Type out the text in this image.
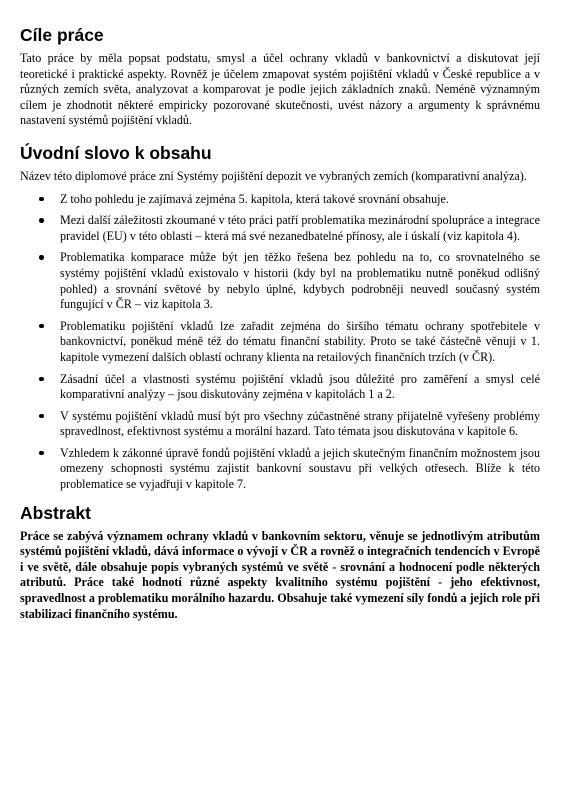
Cíle práce

Tato práce by měla popsat podstatu, smysl a účel ochrany vkladů v bankovnictví a diskutovat její teoretické i praktické aspekty. Rovněž je účelem zmapovat systém pojištění vkladů v České republice a v různých zemích světa, analyzovat a komparovat je podle jejich základních znaků. Neméně významným cílem je zhodnotit některé empiricky pozorované skutečnosti, uvést názory a argumenty k správnému nastavení systémů pojištění vkladů.

Úvodní slovo k obsahu

Název této diplomové práce zní Systémy pojištění depozit ve vybraných zemích (komparativní analýza).

Z toho pohledu je zajímavá zejména 5. kapitola, která takové srovnání obsahuje.

Mezi další záležitosti zkoumané v této práci patří problematika mezinárodní spolupráce a integrace pravidel (EU) v této oblasti – která má své nezanedbatelné přínosy, ale i úskalí (viz kapitola 4).

Problematika komparace může být jen těžko řešena bez pohledu na to, co srovnatelného se systémy pojištění vkladů existovalo v historii (kdy byl na problematiku nutně poněkud odlišný pohled) a srovnání světové by nebylo úplné, kdybych podrobněji neuvedl současný systém fungující v ČR – viz kapitola 3.

Problematiku pojištění vkladů lze zařadit zejména do širšího tématu ochrany spotřebitele v bankovnictví, poněkud méně též do tématu finanční stability. Proto se také částečně věnuji v 1. kapitole vymezení dalších oblastí ochrany klienta na retailových finančních trzích (v ČR).

Zásadní účel a vlastnosti systému pojištění vkladů jsou důležité pro zaměření a smysl celé komparativní analýzy – jsou diskutovány zejména v kapitolách 1 a 2.

V systému pojištění vkladů musí být pro všechny zúčastněné strany přijatelně vyřešeny problémy spravedlnost, efektivnost systému a morální hazard. Tato témata jsou diskutována v kapitole 6.

Vzhledem k zákonné úpravě fondů pojištění vkladů a jejich skutečným finančním možnostem jsou omezeny schopnosti systému zajistit bankovní soustavu při velkých otřesech. Blíže k této problematice se vyjadřuji v kapitole 7.

Abstrakt

Práce se zabývá významem ochrany vkladů v bankovním sektoru, věnuje se jednotlivým atributům systémů pojištění vkladů, dává informace o vývoji v ČR a rovněž o integračních tendencích v Evropě i ve světě, dále obsahuje popis vybraných systémů ve světě - srovnání a hodnocení podle některých atributů. Práce také hodnotí různé aspekty kvalitního systému pojištění - jeho efektivnost, spravedlnost a problematiku morálního hazardu. Obsahuje také vymezení síly fondů a jejich role při stabilizaci finančního systému.
